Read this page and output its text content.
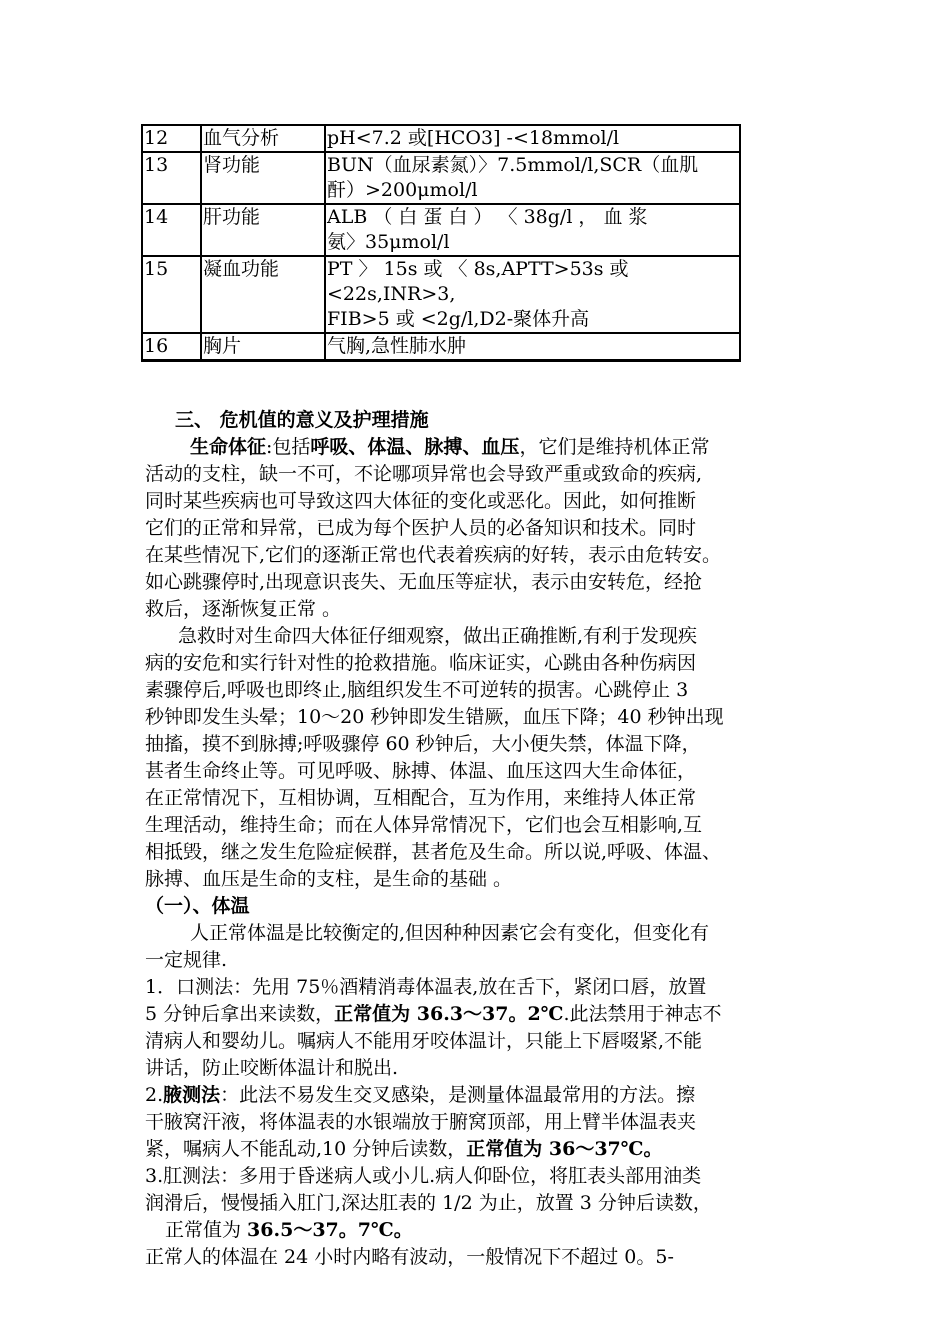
12	血气分析	pH<7.2 或[HCO3] -<18mmol/l

13	肾功能	BUN（血尿素氮）〉7.5mmol/l,SCR（血肌
酐）>200μmol/l

14	肝功能	ALB （ 白 蛋 白 ） 〈 38g/l ， 血 浆
氨〉35μmol/l

15	凝血功能	PT 〉 15s 或 〈 8s,APTT>53s 或
<22s,INR>3,
FIB>5 或 <2g/l,D2-聚体升高

16	胸片	气胸,急性肺水肿

三、 危机值的意义及护理措施

生命体征:包括呼吸、体温、脉搏、血压，它们是维持机体正常

活动的支柱，缺一不可，不论哪项异常也会导致严重或致命的疾病,

同时某些疾病也可导致这四大体征的变化或恶化。因此，如何推断

它们的正常和异常，已成为每个医护人员的必备知识和技术。同时

在某些情况下,它们的逐渐正常也代表着疾病的好转，表示由危转安。

如心跳骤停时,出现意识丧失、无血压等症状，表示由安转危，经抢

救后，逐渐恢复正常 。

急救时对生命四大体征仔细观察，做出正确推断,有利于发现疾

病的安危和实行针对性的抢救措施。临床证实，心跳由各种伤病因

素骤停后,呼吸也即终止,脑组织发生不可逆转的损害。心跳停止 3

秒钟即发生头晕；10～20 秒钟即发生错厥，血压下降；40 秒钟出现

抽搐，摸不到脉搏;呼吸骤停 60 秒钟后，大小便失禁，体温下降，

甚者生命终止等。可见呼吸、脉搏、体温、血压这四大生命体征，

在正常情况下，互相协调，互相配合，互为作用，来维持人体正常

生理活动，维持生命；而在人体异常情况下，它们也会互相影响,互

相抵毁，继之发生危险症候群，甚者危及生命。所以说,呼吸、体温、

脉搏、血压是生命的支柱，是生命的基础 。

（一）、体温

人正常体温是比较衡定的,但因种种因素它会有变化，但变化有

一定规律.

1．口测法：先用 75％酒精消毒体温表,放在舌下，紧闭口唇，放置

5 分钟后拿出来读数，正常值为 36.3～37。2℃.此法禁用于神志不

清病人和婴幼儿。嘱病人不能用牙咬体温计，只能上下唇啜紧,不能

讲话，防止咬断体温计和脱出.

2.腋测法：此法不易发生交叉感染，是测量体温最常用的方法。擦

干腋窝汗液，将体温表的水银端放于腑窝顶部，用上臂半体温表夹

紧，嘱病人不能乱动,10 分钟后读数，正常值为 36～37℃。

3.肛测法：多用于昏迷病人或小儿.病人仰卧位，将肛表头部用油类

润滑后，慢慢插入肛门,深达肛表的 1/2 为止，放置 3 分钟后读数，

正常值为 36.5～37。7℃。

正常人的体温在 24 小时内略有波动，一般情况下不超过 0。5-
